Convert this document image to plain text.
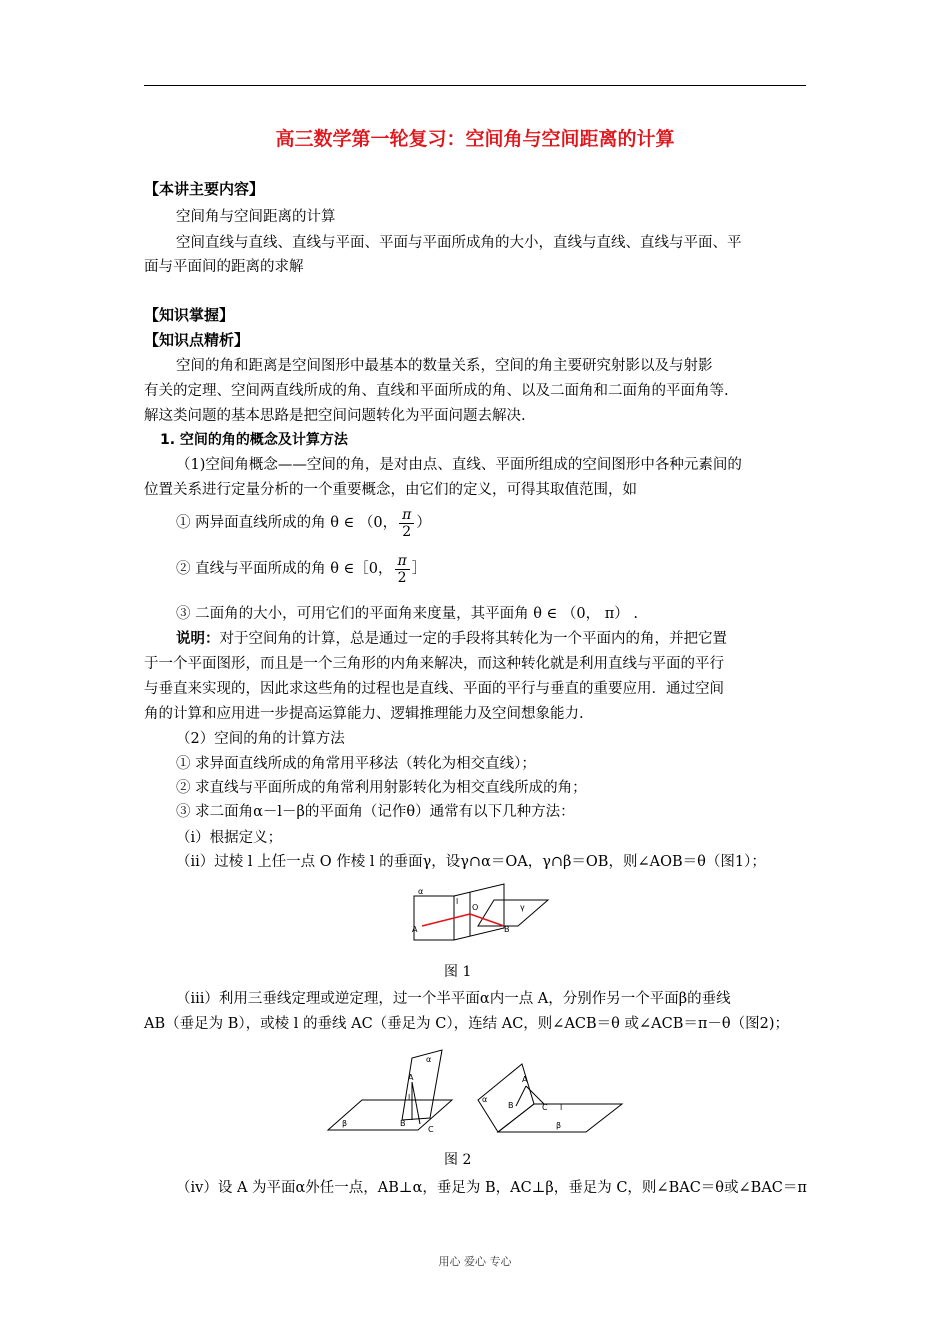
高三数学第一轮复习：空间角与空间距离的计算
【本讲主要内容】
空间角与空间距离的计算
空间直线与直线、直线与平面、平面与平面所成角的大小，直线与直线、直线与平面、平
面与平面间的距离的求解
【知识掌握】
【知识点精析】
空间的角和距离是空间图形中最基本的数量关系，空间的角主要研究射影以及与射影
有关的定理、空间两直线所成的角、直线和平面所成的角、以及二面角和二面角的平面角等.
解这类问题的基本思路是把空间问题转化为平面问题去解决.
1. 空间的角的概念及计算方法
（1)空间角概念——空间的角，是对由点、直线、平面所组成的空间图形中各种元素间的
位置关系进行定量分析的一个重要概念，由它们的定义，可得其取值范围，如
① 两异面直线所成的角 θ ∈ （0， $\frac{\pi}{2}$ ）
② 直线与平面所成的角 θ ∈［0， $\frac{\pi}{2}$ ］
③ 二面角的大小，可用它们的平面角来度量，其平面角 θ ∈ （0， π） .
说明：对于空间角的计算，总是通过一定的手段将其转化为一个平面内的角，并把它置
于一个平面图形，而且是一个三角形的内角来解决，而这种转化就是利用直线与平面的平行
与垂直来实现的，因此求这些角的过程也是直线、平面的平行与垂直的重要应用．通过空间
角的计算和应用进一步提高运算能力、逻辑推理能力及空间想象能力.
（2）空间的角的计算方法
① 求异面直线所成的角常用平移法（转化为相交直线）；
② 求直线与平面所成的角常利用射影转化为相交直线所成的角；
③ 求二面角α－l－β的平面角（记作θ）通常有以下几种方法：
（ⅰ）根据定义；
（ⅱ）过棱 l 上任一点 O 作棱 l 的垂面γ，设γ∩α＝OA，γ∩β＝OB，则∠AOB＝θ（图1）；
α
l
O
A	B
γ
图 1
（ⅲ）利用三垂线定理或逆定理，过一个半平面α内一点 A，分别作另一个平面β的垂线
AB（垂足为 B），或棱 l 的垂线 AC（垂足为 C），连结 AC，则∠ACB＝θ 或∠ACB＝π－θ（图2)；
α
A
l
β	B
C
α
A
B	C l
β
图 2
（ⅳ）设 A 为平面α外任一点，AB⊥α，垂足为 B，AC⊥β，垂足为 C，则∠BAC＝θ或∠BAC＝π
用心 爱心 专心
